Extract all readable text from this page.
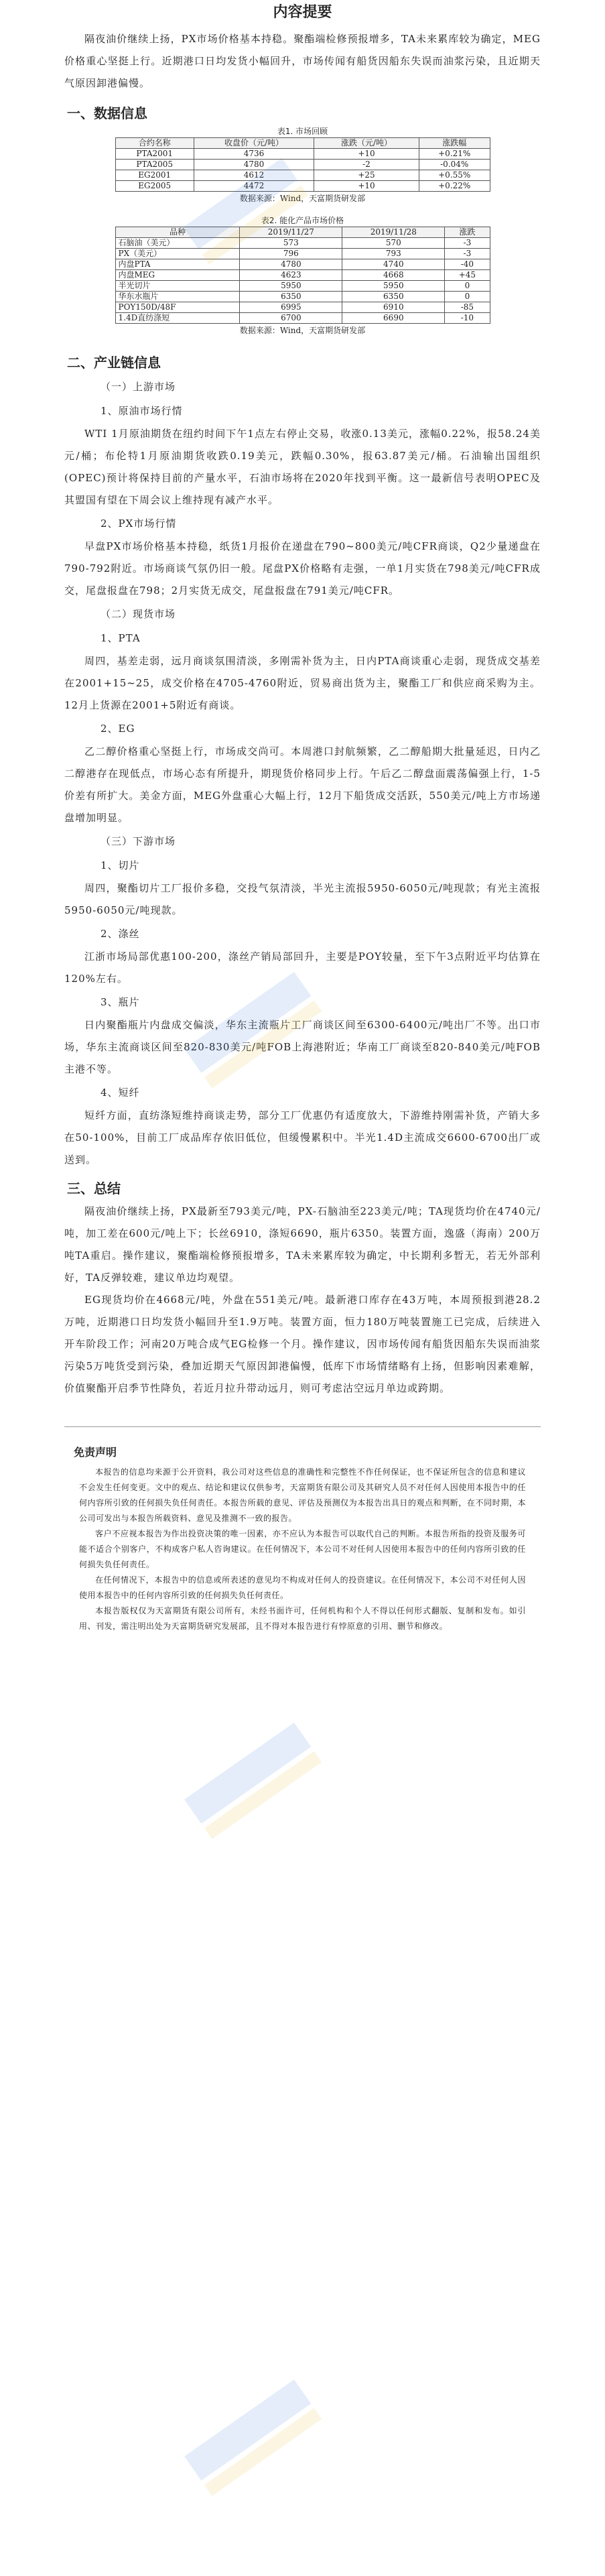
内容提要

隔夜油价继续上扬，PX市场价格基本持稳。聚酯端检修预报增多，TA未来累库较为确定，MEG价格重心坚挺上行。近期港口日均发货小幅回升，市场传闻有船货因船东失误而油浆污染，且近期天气原因卸港偏慢。

一、数据信息
表1. 市场回顾
合约名称	收盘价（元/吨）	涨跌（元/吨）	涨跌幅
PTA2001	4736	+10	+0.21%
PTA2005	4780	-2	-0.04%
EG2001	4612	+25	+0.55%
EG2005	4472	+10	+0.22%
数据来源：Wind，天富期货研发部
表2. 能化产品市场价格
品种	2019/11/27	2019/11/28	涨跌
石脑油（美元）	573	570	-3
PX（美元）	796	793	-3
内盘PTA	4780	4740	-40
内盘MEG	4623	4668	+45
半光切片	5950	5950	0
华东水瓶片	6350	6350	0
POY150D/48F	6995	6910	-85
1.4D直纺涤短	6700	6690	-10
数据来源：Wind，天富期货研发部
二、产业链信息
（一）上游市场
1、原油市场行情

WTI 1月原油期货在纽约时间下午1点左右停止交易，收涨0.13美元，涨幅0.22%，报58.24美元/桶；布伦特1月原油期货收跌0.19美元，跌幅0.30%，报63.87美元/桶。石油输出国组织(OPEC)预计将保持目前的产量水平，石油市场将在2020年找到平衡。这一最新信号表明OPEC及其盟国有望在下周会议上维持现有减产水平。

2、PX市场行情

早盘PX市场价格基本持稳，纸货1月报价在递盘在790~800美元/吨CFR商谈，Q2少量递盘在790-792附近。市场商谈气氛仍旧一般。尾盘PX价格略有走强，一单1月实货在798美元/吨CFR成交，尾盘报盘在798；2月实货无成交，尾盘报盘在791美元/吨CFR。

（二）现货市场
1、PTA

周四，基差走弱，远月商谈氛围清淡，多刚需补货为主，日内PTA商谈重心走弱，现货成交基差在2001+15~25，成交价格在4705-4760附近，贸易商出货为主，聚酯工厂和供应商采购为主。12月上货源在2001+5附近有商谈。

2、EG

乙二醇价格重心坚挺上行，市场成交尚可。本周港口封航频繁，乙二醇船期大批量延迟，日内乙二醇港存在现低点，市场心态有所提升，期现货价格同步上行。午后乙二醇盘面震荡偏强上行，1-5价差有所扩大。美金方面，MEG外盘重心大幅上行，12月下船货成交活跃，550美元/吨上方市场递盘增加明显。

（三）下游市场
1、切片

周四，聚酯切片工厂报价多稳，交投气氛清淡，半光主流报5950-6050元/吨现款；有光主流报5950-6050元/吨现款。

2、涤丝

江浙市场局部优惠100-200，涤丝产销局部回升，主要是POY较量，至下午3点附近平均估算在120%左右。

3、瓶片

日内聚酯瓶片内盘成交偏淡，华东主流瓶片工厂商谈区间至6300-6400元/吨出厂不等。出口市场，华东主流商谈区间至820-830美元/吨FOB上海港附近；华南工厂商谈至820-840美元/吨FOB主港不等。

4、短纤

短纤方面，直纺涤短维持商谈走势，部分工厂优惠仍有适度放大，下游维持刚需补货，产销大多在50-100%，目前工厂成品库存依旧低位，但缓慢累积中。半光1.4D主流成交6600-6700出厂或送到。

三、总结

隔夜油价继续上扬，PX最新至793美元/吨，PX-石脑油至223美元/吨；TA现货均价在4740元/吨，加工差在600元/吨上下；长丝6910，涤短6690，瓶片6350。装置方面，逸盛（海南）200万吨TA重启。操作建议，聚酯端检修预报增多，TA未来累库较为确定，中长期利多暂无，若无外部利好，TA反弹较难，建议单边均观望。

EG现货均价在4668元/吨，外盘在551美元/吨。最新港口库存在43万吨，本周预报到港28.2万吨，近期港口日均发货小幅回升至1.9万吨。装置方面，恒力180万吨装置施工已完成，后续进入开车阶段工作；河南20万吨合成气EG检修一个月。操作建议，因市场传闻有船货因船东失误而油浆污染5万吨货受到污染，叠加近期天气原因卸港偏慢，低库下市场情绪略有上扬，但影响因素难解，价值聚酯开启季节性降负，若近月拉升带动远月，则可考虑沽空远月单边或跨期。

免责声明

本报告的信息均来源于公开资料，我公司对这些信息的准确性和完整性不作任何保证，也不保证所包含的信息和建议不会发生任何变更。文中的观点、结论和建议仅供参考，天富期货有限公司及其研究人员不对任何人因使用本报告中的任何内容所引致的任何损失负任何责任。本报告所载的意见、评估及预测仅为本报告出具日的观点和判断，在不同时期，本公司可发出与本报告所载资料、意见及推测不一致的报告。

客户不应视本报告为作出投资决策的唯一因素，亦不应认为本报告可以取代自己的判断。本报告所指的投资及服务可能不适合个别客户，不构成客户私人咨询建议。在任何情况下，本公司不对任何人因使用本报告中的任何内容所引致的任何损失负任何责任。

在任何情况下，本报告中的信息或所表述的意见均不构成对任何人的投资建议。在任何情况下，本公司不对任何人因使用本报告中的任何内容所引致的任何损失负任何责任。

本报告版权仅为天富期货有限公司所有，未经书面许可，任何机构和个人不得以任何形式翻版、复制和发布。如引用、刊发，需注明出处为天富期货研究发展部，且不得对本报告进行有悖原意的引用、删节和修改。
